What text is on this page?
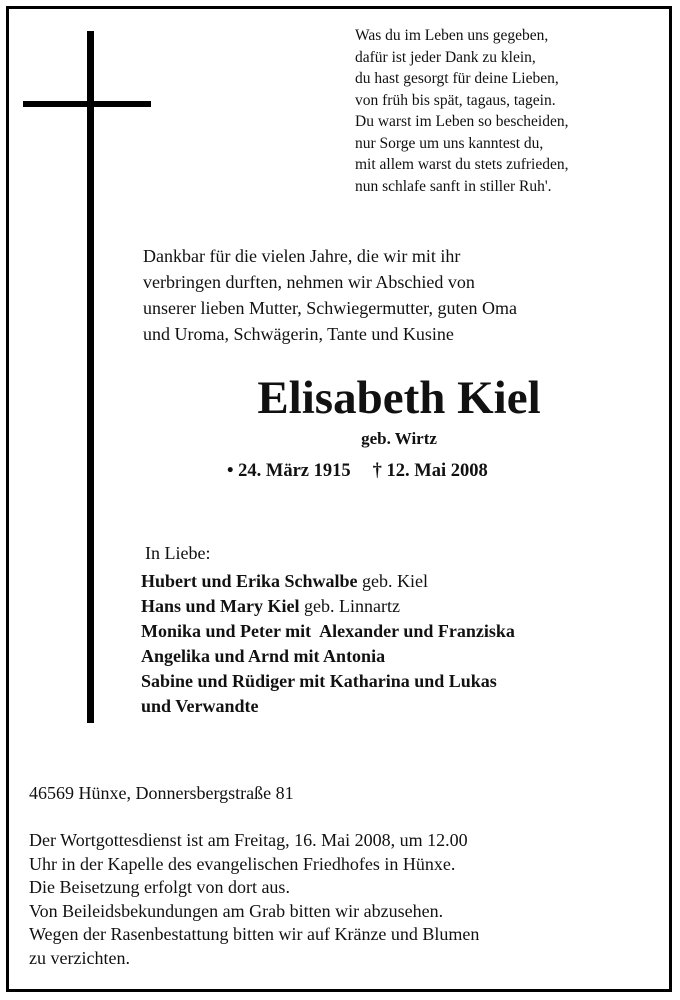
Was du im Leben uns gegeben,
dafür ist jeder Dank zu klein,
du hast gesorgt für deine Lieben,
von früh bis spät, tagaus, tagein.
Du warst im Leben so bescheiden,
nur Sorge um uns kanntest du,
mit allem warst du stets zufrieden,
nun schlafe sanft in stiller Ruh'.
Dankbar für die vielen Jahre, die wir mit ihr
verbringen durften, nehmen wir Abschied von
unserer lieben Mutter, Schwiegermutter, guten Oma
und Uroma, Schwägerin, Tante und Kusine
Elisabeth Kiel
geb. Wirtz
• 24. März 1915 † 12. Mai 2008
In Liebe:
Hubert und Erika Schwalbe geb. Kiel
Hans und Mary Kiel geb. Linnartz
Monika und Peter mit  Alexander und Franziska
Angelika und Arnd mit Antonia
Sabine und Rüdiger mit Katharina und Lukas
und Verwandte
46569 Hünxe, Donnersbergstraße 81
Der Wortgottesdienst ist am Freitag, 16. Mai 2008, um 12.00
Uhr in der Kapelle des evangelischen Friedhofes in Hünxe.
Die Beisetzung erfolgt von dort aus.
Von Beileidsbekundungen am Grab bitten wir abzusehen.
Wegen der Rasenbestattung bitten wir auf Kränze und Blumen
zu verzichten.
